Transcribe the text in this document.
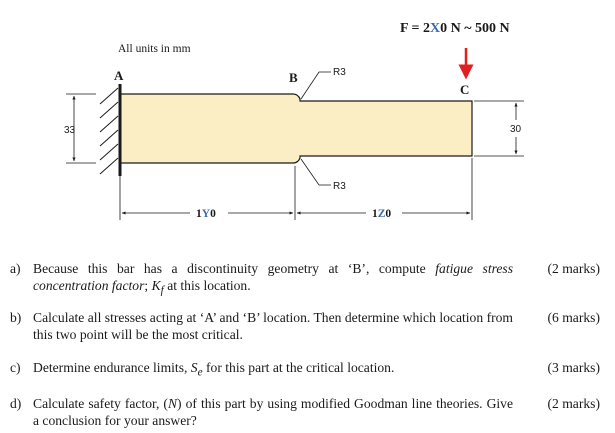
F = 2X0 N ~ 500 N
All units in mm
A	B
C
R3
R3
33	30
1Y0	1Z0
a) Because this bar has a discontinuity geometry at ‘B’, compute fatigue stress concentration factor; $K_f$ at this location.
(2 marks)
b) Calculate all stresses acting at ‘A’ and ‘B’ location. Then determine which location from this two point will be the most critical.
(6 marks)
c) Determine endurance limits, $S_e$ for this part at the critical location.	(3 marks)
d) Calculate safety factor, (N) of this part by using modified Goodman line theories. Give a conclusion for your answer?
(2 marks)
